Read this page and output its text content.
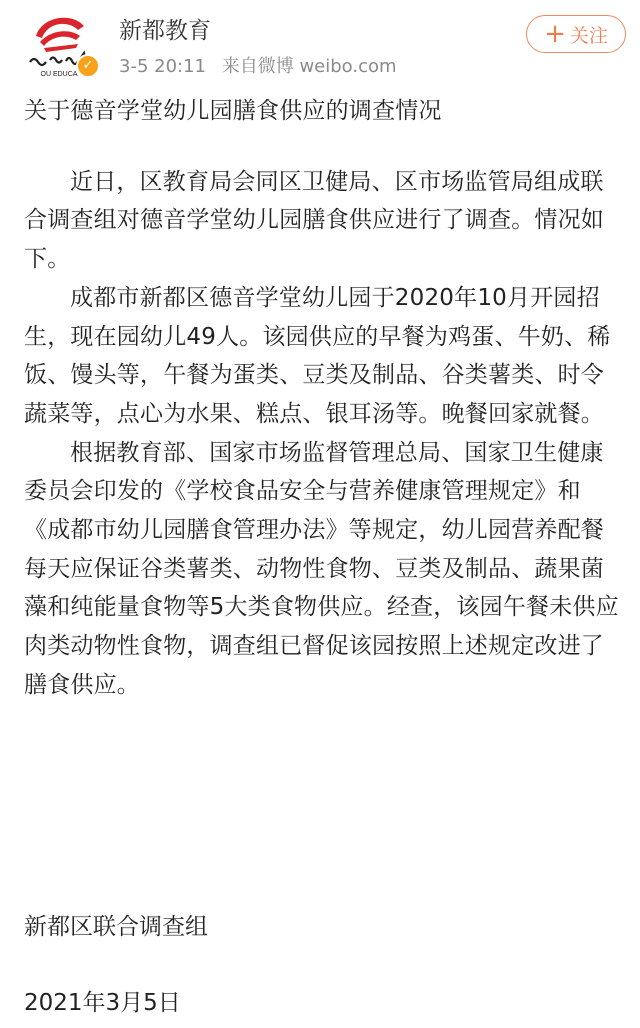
OU EDUCA
✓
新都教育
3-5 20:11 来自微博 weibo.com
+ 关注

关于德音学堂幼儿园膳食供应的调查情况

近日，区教育局会同区卫健局、区市场监管局组成联合调查组对德音学堂幼儿园膳食供应进行了调查。情况如下。

成都市新都区德音学堂幼儿园于2020年10月开园招生，现在园幼儿49人。该园供应的早餐为鸡蛋、牛奶、稀饭、馒头等，午餐为蛋类、豆类及制品、谷类薯类、时令蔬菜等，点心为水果、糕点、银耳汤等。晚餐回家就餐。

根据教育部、国家市场监督管理总局、国家卫生健康委员会印发的《学校食品安全与营养健康管理规定》和《成都市幼儿园膳食管理办法》等规定，幼儿园营养配餐每天应保证谷类薯类、动物性食物、豆类及制品、蔬果菌藻和纯能量食物等5大类食物供应。经查，该园午餐未供应肉类动物性食物，调查组已督促该园按照上述规定改进了膳食供应。

新都区联合调查组
2021年3月5日
